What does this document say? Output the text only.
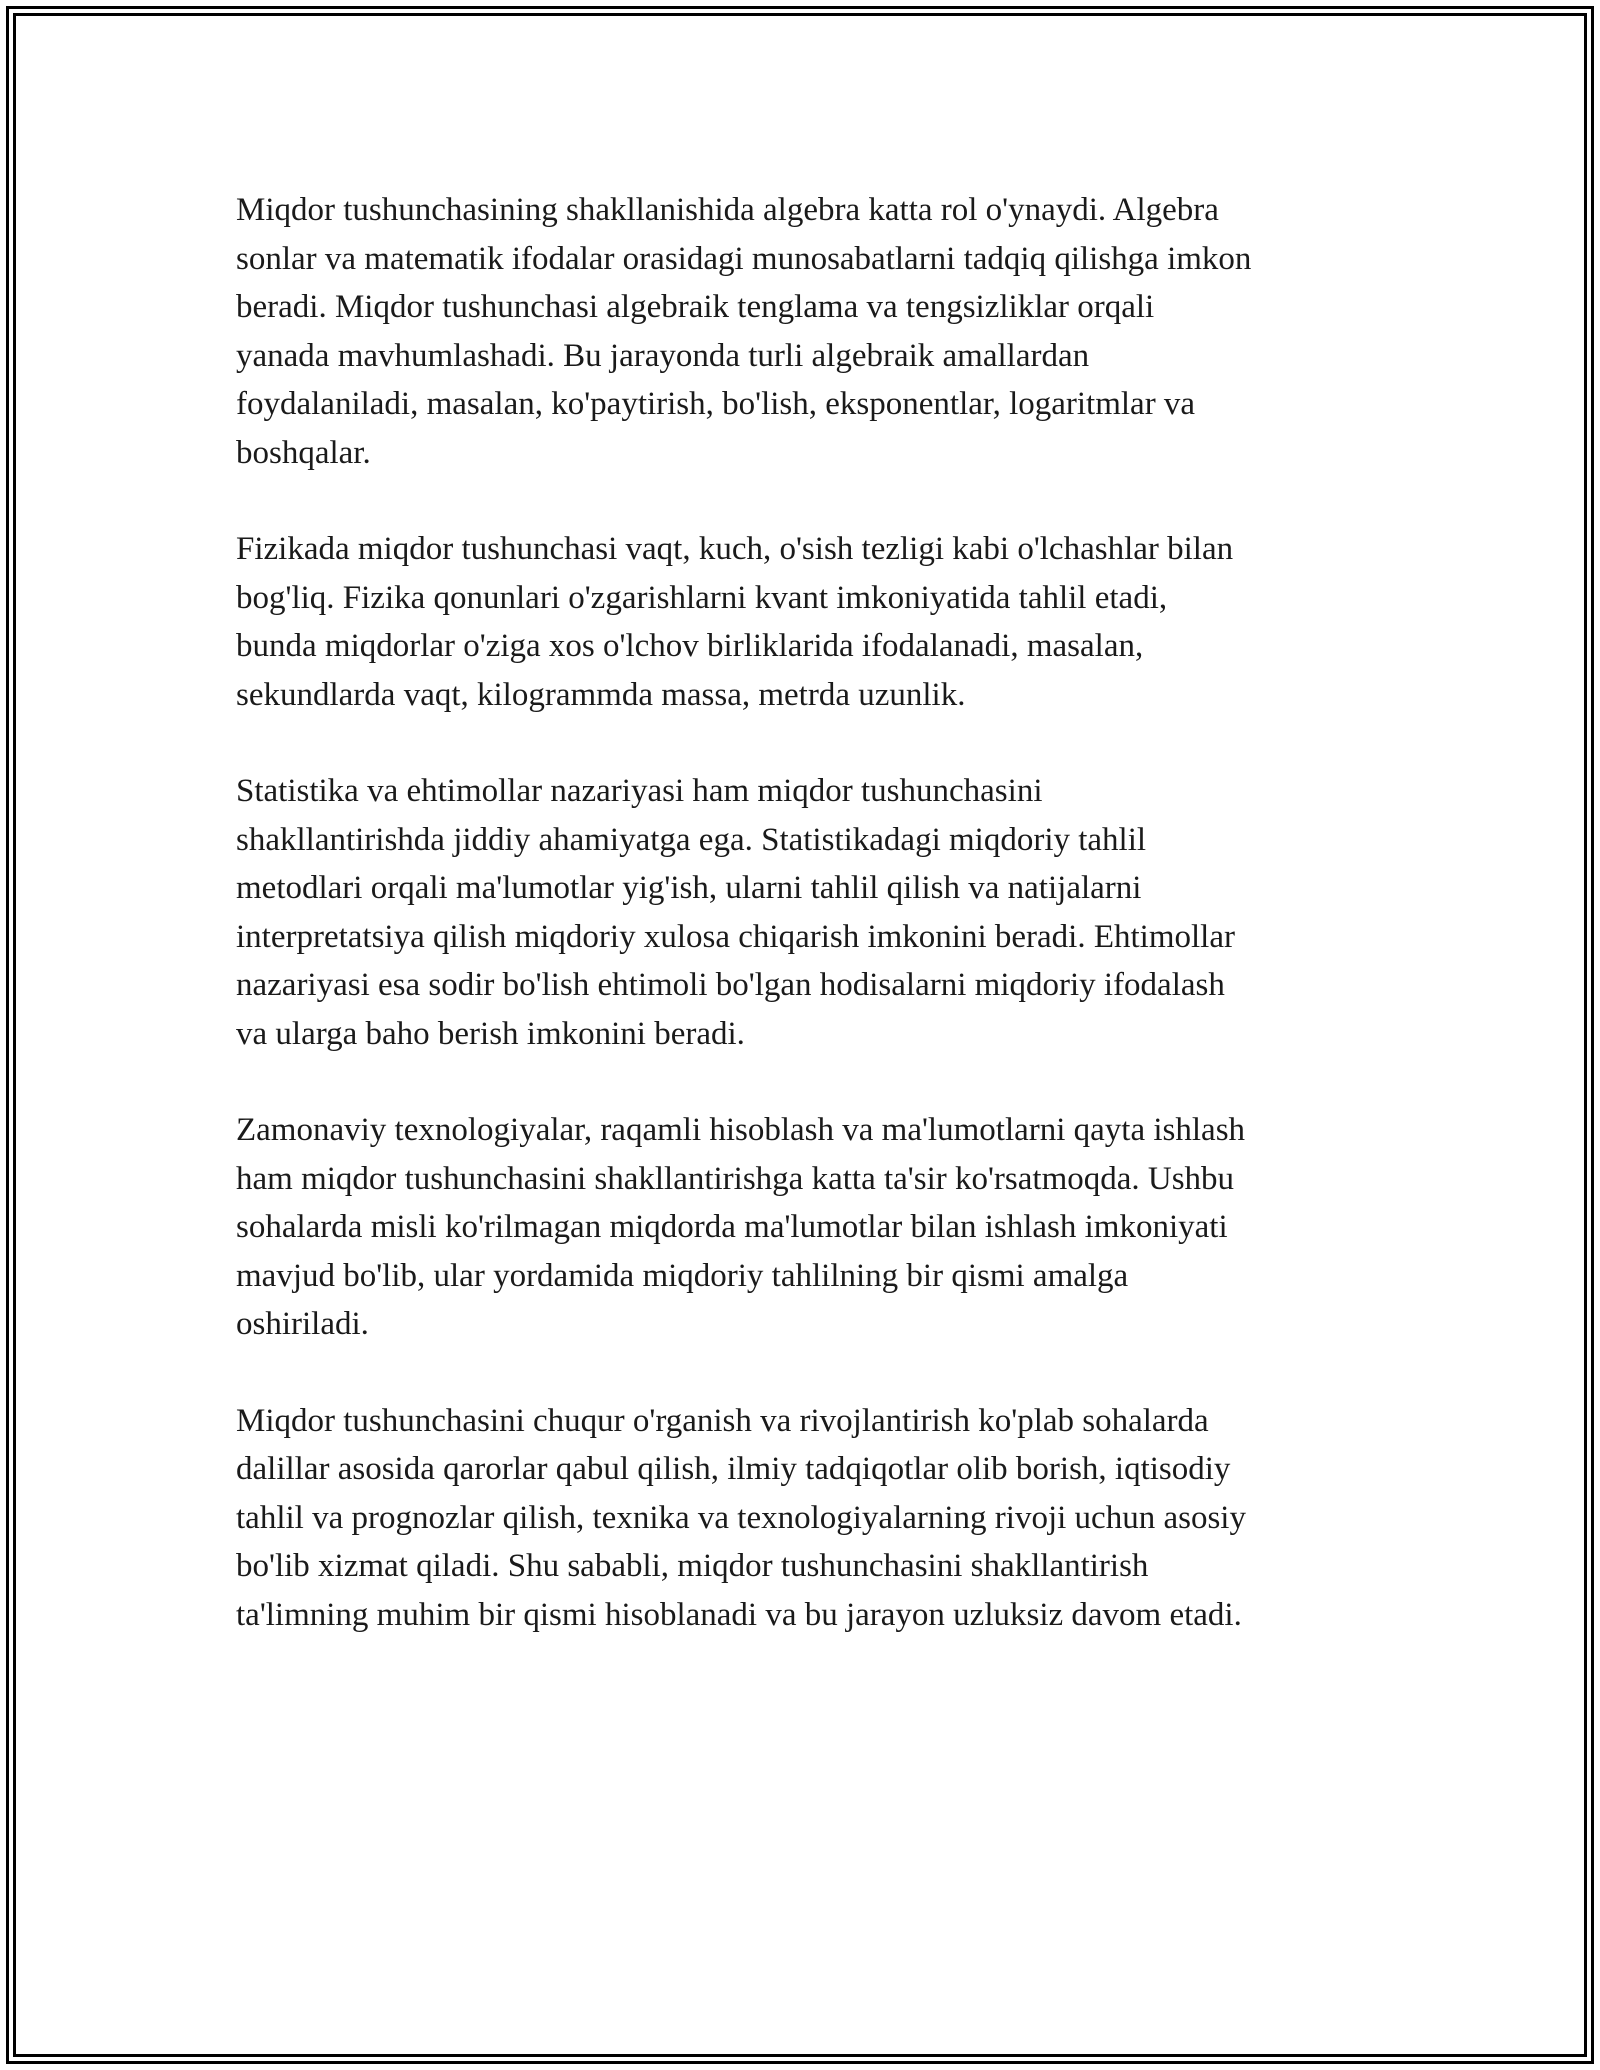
Miqdor tushunchasining shakllanishida algebra katta rol o'ynaydi. Algebra
sonlar va matematik ifodalar orasidagi munosabatlarni tadqiq qilishga imkon
beradi. Miqdor tushunchasi algebraik tenglama va tengsizliklar orqali
yanada mavhumlashadi. Bu jarayonda turli algebraik amallardan
foydalaniladi, masalan, ko'paytirish, bo'lish, eksponentlar, logaritmlar va
boshqalar.

Fizikada miqdor tushunchasi vaqt, kuch, o'sish tezligi kabi o'lchashlar bilan
bog'liq. Fizika qonunlari o'zgarishlarni kvant imkoniyatida tahlil etadi,
bunda miqdorlar o'ziga xos o'lchov birliklarida ifodalanadi, masalan,
sekundlarda vaqt, kilogrammda massa, metrda uzunlik.

Statistika va ehtimollar nazariyasi ham miqdor tushunchasini
shakllantirishda jiddiy ahamiyatga ega. Statistikadagi miqdoriy tahlil
metodlari orqali ma'lumotlar yig'ish, ularni tahlil qilish va natijalarni
interpretatsiya qilish miqdoriy xulosa chiqarish imkonini beradi. Ehtimollar
nazariyasi esa sodir bo'lish ehtimoli bo'lgan hodisalarni miqdoriy ifodalash
va ularga baho berish imkonini beradi.

Zamonaviy texnologiyalar, raqamli hisoblash va ma'lumotlarni qayta ishlash
ham miqdor tushunchasini shakllantirishga katta ta'sir ko'rsatmoqda. Ushbu
sohalarda misli ko'rilmagan miqdorda ma'lumotlar bilan ishlash imkoniyati
mavjud bo'lib, ular yordamida miqdoriy tahlilning bir qismi amalga
oshiriladi.

Miqdor tushunchasini chuqur o'rganish va rivojlantirish ko'plab sohalarda
dalillar asosida qarorlar qabul qilish, ilmiy tadqiqotlar olib borish, iqtisodiy
tahlil va prognozlar qilish, texnika va texnologiyalarning rivoji uchun asosiy
bo'lib xizmat qiladi. Shu sababli, miqdor tushunchasini shakllantirish
ta'limning muhim bir qismi hisoblanadi va bu jarayon uzluksiz davom etadi.
